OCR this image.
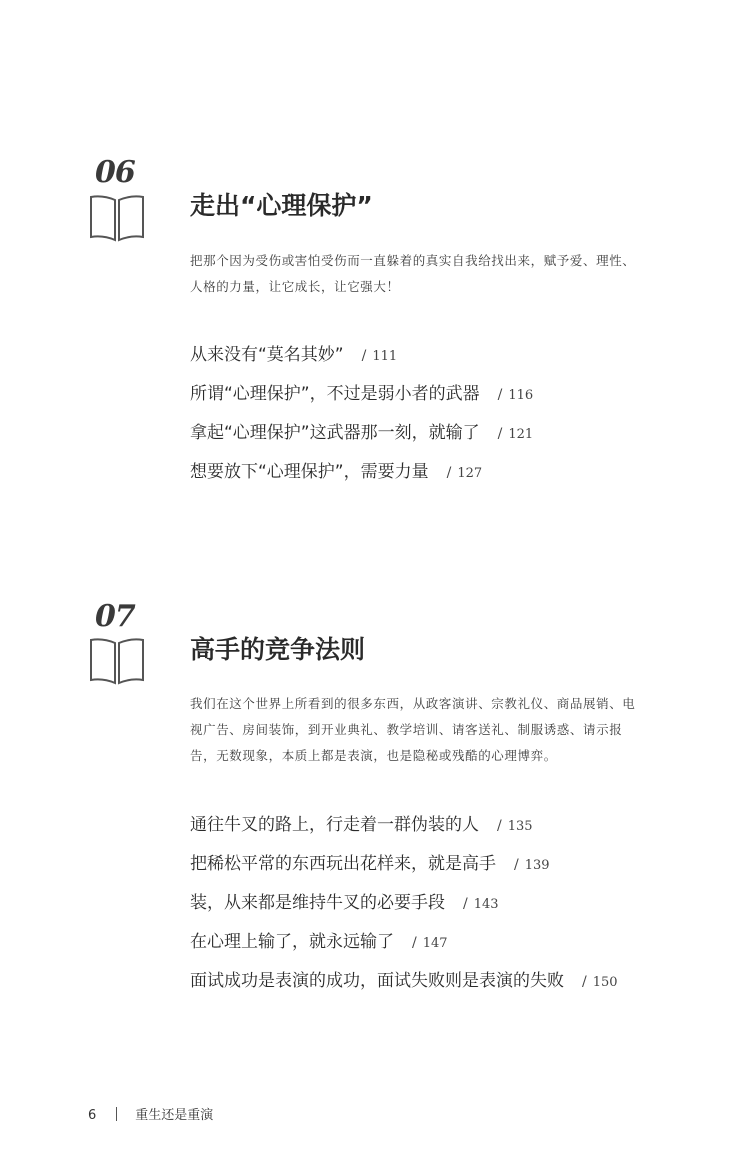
06
走出“心理保护”

把那个因为受伤或害怕受伤而一直躲着的真实自我给找出来，赋予爱、理性、人格的力量，让它成长，让它强大！

从来没有“莫名其妙” / 111
所谓“心理保护”，不过是弱小者的武器 / 116
拿起“心理保护”这武器那一刻，就输了 / 121
想要放下“心理保护”，需要力量 / 127
07
高手的竞争法则

我们在这个世界上所看到的很多东西，从政客演讲、宗教礼仪、商品展销、电视广告、房间装饰，到开业典礼、教学培训、请客送礼、制服诱惑、请示报告，无数现象，本质上都是表演，也是隐秘或残酷的心理博弈。

通往牛叉的路上，行走着一群伪装的人 / 135
把稀松平常的东西玩出花样来，就是高手 / 139
装，从来都是维持牛叉的必要手段 / 143
在心理上输了，就永远输了 / 147
面试成功是表演的成功，面试失败则是表演的失败 / 150
6	重生还是重演
